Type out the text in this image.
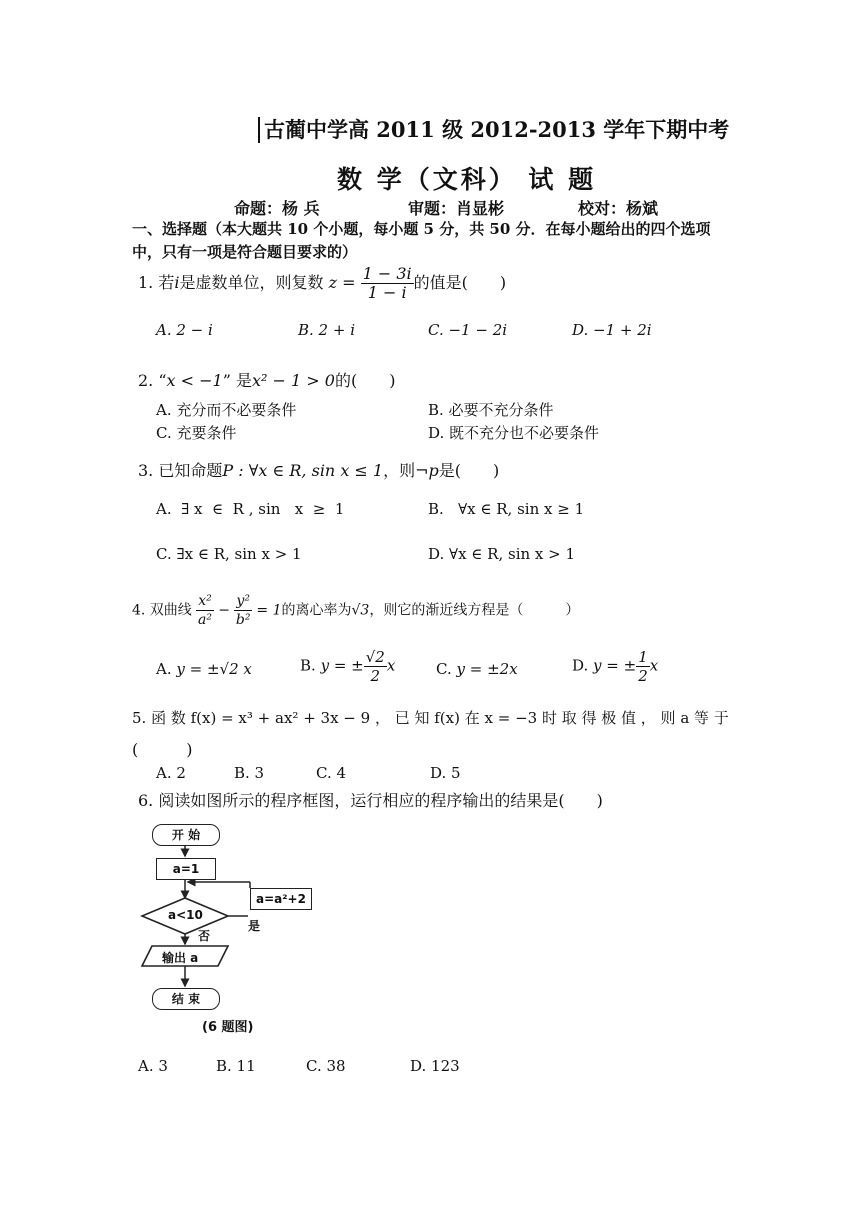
古蔺中学高 2011 级 2012-2013 学年下期中考
数 学（文科） 试 题
命题：杨 兵	审题：肖显彬	校对：杨斌
一、选择题（本大题共 10 个小题，每小题 5 分，共 50 分．在每小题给出的四个选项中，只有一项是符合题目要求的）
1. 若i是虚数单位，则复数 $z = \frac{1 - 3i}{1 - i}$ 的值是(　　)
A. 2 − i	B. 2 + i	C. −1 − 2i	D. −1 + 2i
2. “x < −1” 是x² − 1 > 0的(　　)
A. 充分而不必要条件	B. 必要不充分条件
C. 充要条件	D. 既不充分也不必要条件
3. 已知命题P : ∀x ∈ R, sin x ≤ 1，则¬p是(　　)
A.  ∃ x  ∈  R , sin   x  ≥  1	B.   ∀x ∈ R, sin x ≥ 1
C. ∃x ∈ R, sin x > 1	D. ∀x ∈ R, sin x > 1
4. 双曲线 $\frac{\text{x²}}{\text{a²}} - \frac{\text{y²}}{\text{b²}} = 1$的离心率为√3，则它的渐近线方程是（　　　）
A. y = ±√2 x	B. y = ± $\frac{√2}{2}$ x	C. y = ±2x	D. y = ± $\frac{1}{2}$ x
5. 函 数 f(x) = x³ + ax² + 3x − 9 ， 已 知 f(x) 在 x = −3 时 取 得 极 值 ， 则 a 等 于
(　　　)
A. 2	B. 3	C. 4	D. 5
6. 阅读如图所示的程序框图，运行相应的程序输出的结果是(　　)
开 始
a=1
a<10
a=a²+2
是
否
输出 a
结 束
(6 题图)
A. 3	B. 11	C. 38	D. 123
